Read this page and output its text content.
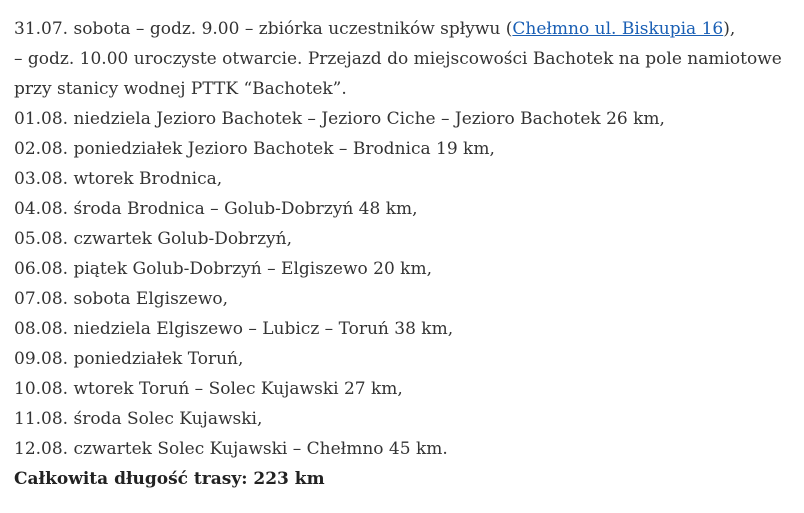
31.07. sobota – godz. 9.00 – zbiórka uczestników spływu (Chełmno ul. Biskupia 16),
– godz. 10.00 uroczyste otwarcie. Przejazd do miejscowości Bachotek na pole namiotowe
przy stanicy wodnej PTTK “Bachotek”.
01.08. niedziela Jezioro Bachotek – Jezioro Ciche – Jezioro Bachotek 26 km,
02.08. poniedziałek Jezioro Bachotek – Brodnica 19 km,
03.08. wtorek Brodnica,
04.08. środa Brodnica – Golub-Dobrzyń 48 km,
05.08. czwartek Golub-Dobrzyń,
06.08. piątek Golub-Dobrzyń – Elgiszewo 20 km,
07.08. sobota Elgiszewo,
08.08. niedziela Elgiszewo – Lubicz – Toruń 38 km,
09.08. poniedziałek Toruń,
10.08. wtorek Toruń – Solec Kujawski 27 km,
11.08. środa Solec Kujawski,
12.08. czwartek Solec Kujawski – Chełmno 45 km.
Całkowita długość trasy: 223 km
